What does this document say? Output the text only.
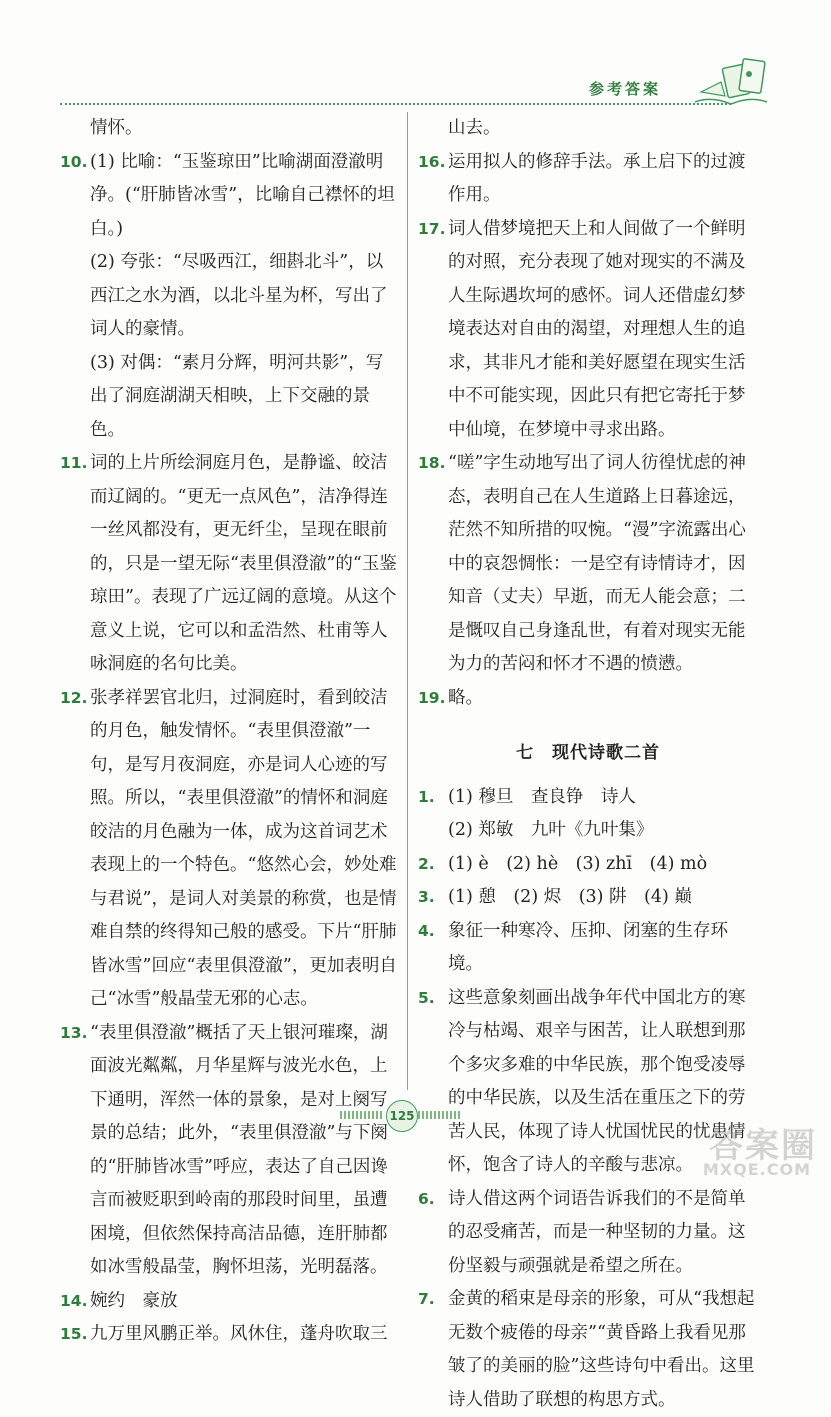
参考答案
情怀。
10. (1) 比喻：“玉鉴琼田”比喻湖面澄澈明净。(“肝肺皆冰雪”，比喻自己襟怀的坦白。)
(2) 夸张：“尽吸西江，细斟北斗”，以西江之水为酒，以北斗星为杯，写出了词人的豪情。
(3) 对偶：“素月分辉，明河共影”，写出了洞庭湖湖天相映，上下交融的景色。
11. 词的上片所绘洞庭月色，是静谧、皎洁而辽阔的。“更无一点风色”，洁净得连一丝风都没有，更无纤尘，呈现在眼前的，只是一望无际“表里俱澄澈”的“玉鉴琼田”。表现了广远辽阔的意境。从这个意义上说，它可以和孟浩然、杜甫等人咏洞庭的名句比美。
12. 张孝祥罢官北归，过洞庭时，看到皎洁的月色，触发情怀。“表里俱澄澈”一句，是写月夜洞庭，亦是词人心迹的写照。所以，“表里俱澄澈”的情怀和洞庭皎洁的月色融为一体，成为这首词艺术表现上的一个特色。“悠然心会，妙处难与君说”，是词人对美景的称赏，也是情难自禁的终得知己般的感受。下片“肝肺皆冰雪”回应“表里俱澄澈”，更加表明自己“冰雪”般晶莹无邪的心志。
13. “表里俱澄澈”概括了天上银河璀璨，湖面波光粼粼，月华星辉与波光水色，上下通明，浑然一体的景象，是对上阕写景的总结；此外，“表里俱澄澈”与下阕的“肝肺皆冰雪”呼应，表达了自己因谗言而被贬职到岭南的那段时间里，虽遭困境，但依然保持高洁品德，连肝肺都如冰雪般晶莹，胸怀坦荡，光明磊落。
14. 婉约　豪放
15. 九万里风鹏正举。风休住，蓬舟吹取三
山去。
16. 运用拟人的修辞手法。承上启下的过渡作用。
17. 词人借梦境把天上和人间做了一个鲜明的对照，充分表现了她对现实的不满及人生际遇坎坷的感怀。词人还借虚幻梦境表达对自由的渴望，对理想人生的追求，其非凡才能和美好愿望在现实生活中不可能实现，因此只有把它寄托于梦中仙境，在梦境中寻求出路。
18. “嗟”字生动地写出了词人彷徨忧虑的神态，表明自己在人生道路上日暮途远，茫然不知所措的叹惋。“漫”字流露出心中的哀怨惆怅：一是空有诗情诗才，因知音（丈夫）早逝，而无人能会意；二是慨叹自己身逢乱世，有着对现实无能为力的苦闷和怀才不遇的愤懑。
19. 略。
七　现代诗歌二首
1. (1) 穆旦　查良铮　诗人
(2) 郑敏　九叶《九叶集》
2. (1) è　(2) hè　(3) zhī　(4) mò
3. (1) 憩　(2) 烬　(3) 阱　(4) 巅
4. 象征一种寒冷、压抑、闭塞的生存环境。
5. 这些意象刻画出战争年代中国北方的寒冷与枯竭、艰辛与困苦，让人联想到那个多灾多难的中华民族，那个饱受凌辱的中华民族，以及生活在重压之下的劳苦人民，体现了诗人忧国忧民的忧患情怀，饱含了诗人的辛酸与悲凉。
6. 诗人借这两个词语告诉我们的不是简单的忍受痛苦，而是一种坚韧的力量。这份坚毅与顽强就是希望之所在。
7. 金黄的稻束是母亲的形象，可从“我想起无数个疲倦的母亲”“黄昏路上我看见那皱了的美丽的脸”这些诗句中看出。这里诗人借助了联想的构思方式。
125
答案圈
MXQE.COM
